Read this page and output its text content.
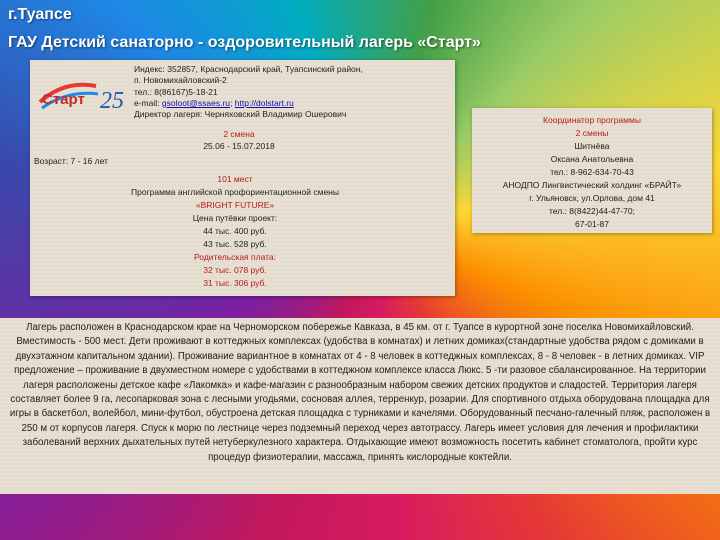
г.Туапсе
ГАУ Детский санаторно - оздоровительный лагерь «Старт»
Старт 25
Индекс: 352857, Краснодарский край, Туапсинский район,
п. Новомихайловский-2
тел.: 8(86167)5-18-21
e-mail: gsoloot@ssaes.ru; http://dolstart.ru
Директор лагеря: Черняховский Владимир Ошерович
2 смена
25.06 - 15.07.2018
Возраст: 7 - 16 лет
101 мест
Программа английской профориентационной смены
«BRIGHT FUTURE»
Цена путёвки проект:
44 тыс. 400 руб.
43 тыс. 528 руб.
Родительская плата:
32 тыс. 078 руб.
31 тыс. 306 руб.
Координатор программы
2 смены
Шитнёва
Оксана Анатольевна
тел.: 8-962-634-70-43
АНОДПО Лингвистический холдинг «БРАЙТ»
г. Ульяновск, ул.Орлова, дом 41
тел.: 8(8422)44-47-70;
67-01-87
Лагерь расположен в Краснодарском крае на Черноморском побережье Кавказа, в 45 км. от г. Туапсе в курортной зоне поселка Новомихайловский. Вместимость - 500 мест. Дети проживают в коттеджных комплексах (удобства в комнатах) и летних домиках(стандартные удобства рядом с домиками в двухэтажном капитальном здании). Проживание вариантное в комнатах от 4 - 8 человек в коттеджных комплексах, 8 - 8 человек - в летних домиках. VIP предложение – проживание в двухместном номере с удобствами в коттеджном комплексе класса Люкс. 5 -ти разовое сбалансированное. На территории лагеря расположены детское кафе «Лакомка» и кафе-магазин с разнообразным набором свежих детских продуктов и сладостей. Территория лагеря составляет более 9 га, лесопарковая зона с лесными угодьями, сосновая аллея, терренкур, розарии. Для спортивного отдыха оборудована площадка для игры в баскетбол, волейбол, мини-футбол, обустроена детская площадка с турниками и качелями. Оборудованный песчано-галечный пляж, расположен в 250 м от корпусов лагеря. Спуск к морю по лестнице через подземный переход через автотрассу. Лагерь имеет условия для лечения и профилактики заболеваний верхних дыхательных путей нетуберкулезного характера. Отдыхающие имеют возможность посетить кабинет стоматолога, пройти курс процедур физиотерапии, массажа, принять кислородные коктейли.
